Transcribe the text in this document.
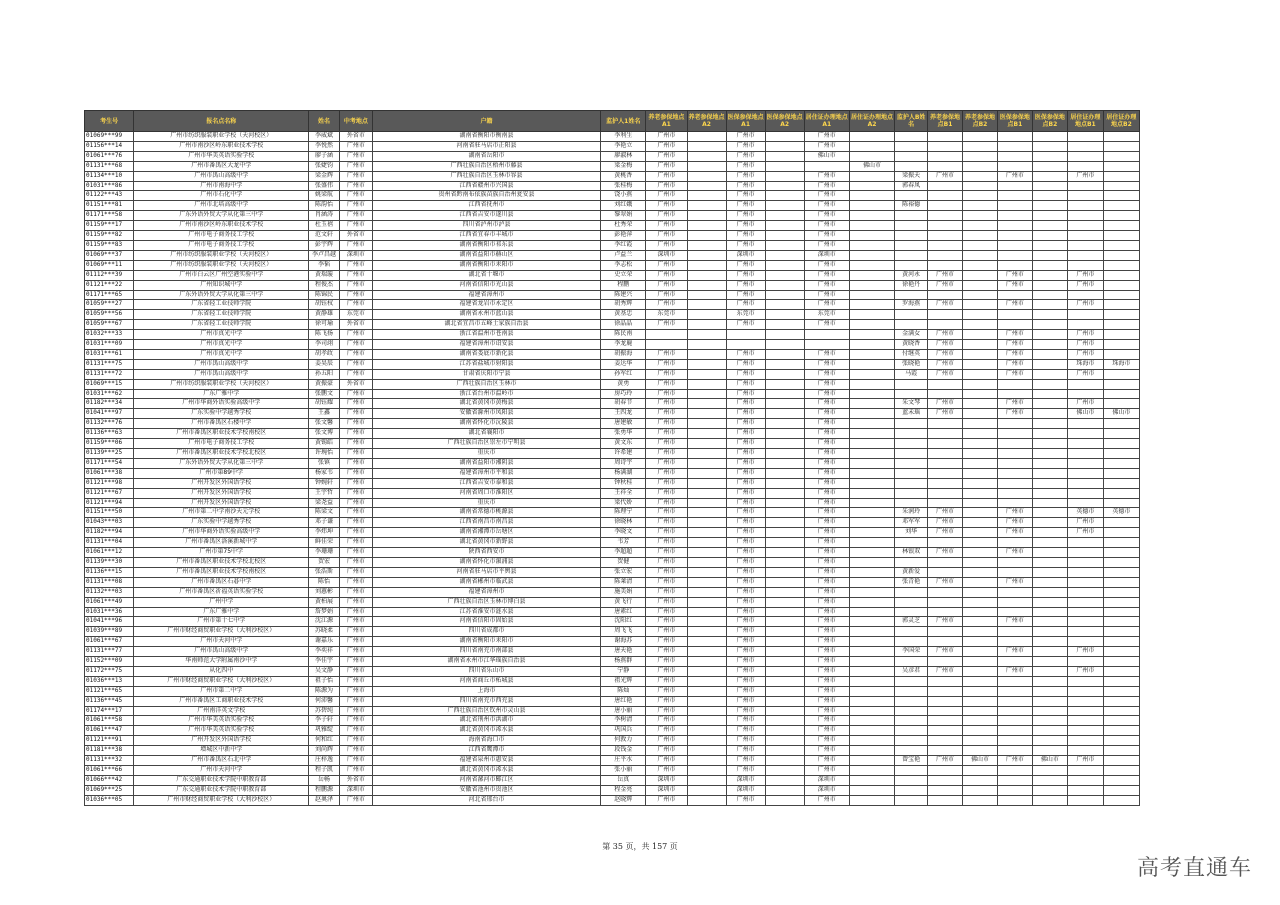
考生号	报名点名称	姓名	中考地点	户籍	监护人1姓名	养老参保地点A1	养老参保地点A2	医保参保地点A1	医保参保地点A2	居住证办理地点A1	居住证办理地点A2	监护人B姓名	养老参保地点B1	养老参保地点B2	医保参保地点B1	医保参保地点B2	居住证办理地点B1	居住证办理地点B2
01069***99	广州市纺织服装职业学校（天河校区）	李威斌	外省市	湖南省衡阳市衡南县	李利生	广州市		广州市		广州市								
01156***14	广州市南沙区岭东职业技术学校	李悦然	广州市	河南省驻马店市正阳县	李艳立	广州市		广州市		广州市								
01061***76	广州市华美英语实验学校	廖子涵	广州市	湖南省岳阳市	廖淑林	广州市		广州市		佛山市								
01131***68	广州市番禺区大龙中学	张婕钧	广州市	广西壮族自治区梧州市藤县	梁金梅	广州市		广州市			佛山市							
01134***10	广州市禺山高级中学	梁金辉	广州市	广西壮族自治区玉林市容县	黄桃香	广州市		广州市		广州市		梁振天	广州市		广州市		广州市	
01031***86	广州市南海中学	张盛伟	广州市	江西省赣州市兴国县	张桂梅	广州市		广州市		广州市		郭春凤						
01122***43	广州市石化中学	姚梁航	广州市	贵州省黔南布依族苗族自治州瓮安县	饶小燕	广州市		广州市		广州市								
01151***81	广州市北培高级中学	陈韵怡	广州市	江西省抚州市	刘红娥	广州市		广州市		广州市		陈裕德						
01171***58	广东外语外贸大学从化第三中学	肖涵涛	广州市	江西省吉安市遂川县	黎翠娟	广州市		广州市		广州市								
01159***17	广州市南沙区岭东职业技术学校	杜玉禧	广州市	四川省泸州市泸县	杜秀荣	广州市		广州市		广州市								
01159***82	广州市电子商务技工学校	范文轩	外省市	江西省宜春市丰城市	彭艳萍	广州市		广州市		广州市								
01159***83	广州市电子商务技工学校	彭宇辉	广州市	湖南省衡阳市祁东县	李红霞	广州市		广州市		广州市								
01069***37	广州市纺织服装职业学校（天河校区）	李卢昌越	深圳市	湖南省益阳市赫山区	卢益兰	深圳市		深圳市		深圳市								
01069***11	广州市纺织服装职业学校（天河校区）	李韬	广州市	湖南省衡阳市耒阳市	李志松	广州市		广州市		广州市								
01112***39	广州市白云区广州空港实验中学	黄瑞璇	广州市	湖北省十堰市	史立荣	广州市		广州市		广州市		黄河永	广州市		广州市		广州市	
01121***22	广州知识城中学	程俊杰	广州市	河南省信阳市光山县	程鹏	广州市		广州市		广州市		徐艳丹	广州市		广州市		广州市	
01171***65	广东外语外贸大学从化第三中学	陈锦民	广州市	福建省漳州市	陈建兴	广州市		广州市		广州市								
01059***27	广东省轻工业技师学院	胡钰权	广州市	福建省龙岩市永定区	胡秀辉	广州市		广州市		广州市		罗海燕	广州市		广州市		广州市	
01059***56	广东省轻工业技师学院	黄静雄	东莞市	湖南省永州市蓝山县	黄基忠	东莞市		东莞市		东莞市								
01059***67	广东省轻工业技师学院	徐可瑜	外省市	湖北省宜昌市五峰土家族自治县	徐晶晶	广州市		广州市		广州市								
01032***33	广州市真光中学	陈飞扬	广州市	浙江省温州市苍南县	陈民南							金满女	广州市		广州市		广州市	
01031***09	广州市真光中学	李司翊	广州市	福建省漳州市诏安县	李龙鹿							黄晓香	广州市		广州市		广州市	
01031***61	广州市真光中学	胡孝政	广州市	湖南省娄底市新化县	胡振海	广州市		广州市		广州市		付继英	广州市		广州市		广州市	
01131***75	广州市禺山高级中学	姜昊辰	广州市	江苏省盐城市射阳县	姜达华	广州市		广州市		广州市		张晓艳	广州市		广州市		珠海市	珠海市
01131***72	广州市禺山高级中学	孙五阳	广州市	甘肃省庆阳市宁县	孙军红	广州市		广州市		广州市		马霞	广州市		广州市		广州市	
01069***15	广州市纺织服装职业学校（天河校区）	黄振豪	外省市	广西壮族自治区玉林市	黄勇	广州市		广州市		广州市								
01031***62	广东广雅中学	张鹏文	广州市	浙江省台州市温岭市	房巧玲	广州市		广州市		广州市								
01182***34	广州市华商外语实验高级中学	胡钰耀	广州市	湖北省黄冈市黄梅县	胡春节	广州市		广州市		广州市		朱文琴	广州市		广州市		广州市	
01041***97	广东实验中学越秀学校	王鑫	广州市	安徽省滁州市凤阳县	王四龙	广州市		广州市		广州市		蓝未瑶	广州市		广州市		佛山市	佛山市
01132***76	广州市番禺区石楼中学	张文馨	广州市	湖南省怀化市沅陵县	唐建敏	广州市		广州市		广州市								
01136***63	广州市番禺区职业技术学校南校区	张文博	广州市	湖北省襄阳市	张勇华	广州市		广州市		广州市								
01159***06	广州市电子商务技工学校	黄锡皓	广州市	广西壮族自治区崇左市宁明县	黄文东	广州市		广州市		广州市								
01139***25	广州市番禺区职业技术学校北校区	许琬怡	广州市	重庆市	许希建	广州市		广州市		广州市								
01171***54	广东外语外贸大学从化第三中学	张镇	广州市	湖南省益阳市湘阴县	周诗宇	广州市		广州市		广州市								
01061***38	广州市第89中学	杨家韦	广州市	福建省漳州市平和县	杨满湖	广州市		广州市		广州市								
01121***98	广州开发区外国语学校	钟婉轩	广州市	江西省吉安市泰和县	钟秋桂	广州市		广州市		广州市								
01121***67	广州开发区外国语学校	王宇哲	广州市	河南省周口市淮阳区	王祥全	广州市		广州市		广州市								
01121***94	广州开发区外国语学校	梁尧益	广州市	重庆市	梁代娇	广州市		广州市		广州市								
01151***50	广州市第二中学南沙天元学校	陈梁文	广州市	湖南省常德市桃源县	陈理宁	广州市		广州市		广州市		朱润玲	广州市		广州市		英德市	英德市
01043***03	广东实验中学越秀学校	邓子谦	广州市	江西省南昌市南昌县	徐晓林	广州市		广州市		广州市		邓军军	广州市		广州市		广州市	
01182***94	广州市华商外语实验高级中学	李炜坤	广州市	湖南省湘潭市岳塘区	李晓文	广州市		广州市		广州市		刘华	广州市		广州市		广州市	
01131***04	广州市番禺区洛溪新城中学	鲜佳荣	广州市	湖北省黄冈市新野县	韦芳	广州市		广州市		广州市								
01061***12	广州市第75中学	李珊珊	广州市	陕西省西安市	李超超	广州市		广州市		广州市		林银双	广州市		广州市			
01139***30	广州市番禺区职业技术学校北校区	贺宏	广州市	湖南省怀化市溆浦县	贺健	广州市		广州市		广州市								
01136***15	广州市番禺区职业技术学校南校区	张浩斯	广州市	河南省驻马店市平舆县	张立宏	广州市		广州市		广州市		黄新爱						
01131***08	广州市番禺区石碁中学	陈怡	广州市	湖南省郴州市临武县	陈莱清	广州市		广州市		广州市		张青艳	广州市		广州市			
01132***03	广州市番禺区祈福英语实验学校	刘蕙彬	广州市	福建省漳州市	施美娟	广州市		广州市		广州市								
01061***49	广州中学	黄柏展	广州市	广西壮族自治区玉林市博白县	黄飞行	广州市		广州市		广州市								
01031***36	广东广雅中学	詹梦娟	广州市	江苏省淮安市涟水县	唐素红	广州市		广州市		广州市								
01041***96	广州市第十七中学	沈江源	广州市	河南省信阳市固始县	沈阳红	广州市		广州市		广州市		郭灵芝	广州市		广州市			
01039***89	广州市财经商贸职业学校（大利沙校区）	苏晓柔	广州市	四川省成都市	周飞飞	广州市		广州市		广州市								
01061***67	广州市天河中学	谢嘉乐	广州市	湖南省衡阳市耒阳市	谢海苏	广州市		广州市		广州市								
01131***77	广州市禺山高级中学	李奕祥	广州市	四川省南充市南部县	唐天艳	广州市		广州市		广州市		李国荣	广州市		广州市		广州市	
01152***09	华南师范大学附属南沙中学	李佳宇	广州市	湖南省永州市江华瑶族自治县	杨燕群	广州市		广州市		广州市								
01172***75	从化四中	吴文静	广州市	四川省乐山市	宁静	广州市		广州市		广州市		吴彦君	广州市		广州市		广州市	
01036***13	广州市财经商贸职业学校（大利沙校区）	祖子怡	广州市	河南省商丘市柘城县	祖光辉	广州市		广州市		广州市								
01121***65	广州市第二中学	陈源为	广州市	上海市	陈灿	广州市		广州市		广州市								
01136***45	广州市番禺区工商职业技术学校	何沛馨	广州市	四川省南充市西充县	唐红艳	广州市		广州市		广州市								
01174***17	广州南洋英文学校	苏碧纯	广州市	广西壮族自治区钦州市灵山县	唐小丽	广州市		广州市		广州市								
01061***58	广州市华美英语实验学校	李子轩	广州市	湖北省荆州市洪湖市	李树清	广州市		广州市		广州市								
01061***47	广州市华美英语实验学校	巩雅绽	广州市	湖北省黄冈市浠水县	巩国兵	广州市		广州市		广州市								
01121***91	广州开发区外国语学校	何和红	广州市	海南省海口市	何敦力	广州市		广州市		广州市								
01181***38	增城区中新中学	刘尚辉	广州市	江西省鹰潭市	段钱金	广州市		广州市		广州市								
01131***32	广州市番禺区石北中学	庄梓逸	广州市	福建省泉州市惠安县	庄平水	广州市		广州市		广州市		曾宝艳	广州市	佛山市	广州市	佛山市	广州市	
01061***66	广州市天河中学	程子凯	广州市	湖北省黄冈市浠水县	张小丽	广州市		广州市		广州市								
01066***42	广东交通职业技术学院中职教育部	岳畅	外省市	河南省漯河市郾江区	岳真	深圳市		深圳市		深圳市								
01069***25	广东交通职业技术学院中职教育部	程鹏源	深圳市	安徽省池州市贵池区	程金亮	深圳市		深圳市		深圳市								
01036***05	广州市财经商贸职业学校（大利沙校区）	赵奥泽	广州市	河北省邢台市	赵晓辉	广州市		广州市		广州市								
第 35 页，共 157 页
高考直通车
